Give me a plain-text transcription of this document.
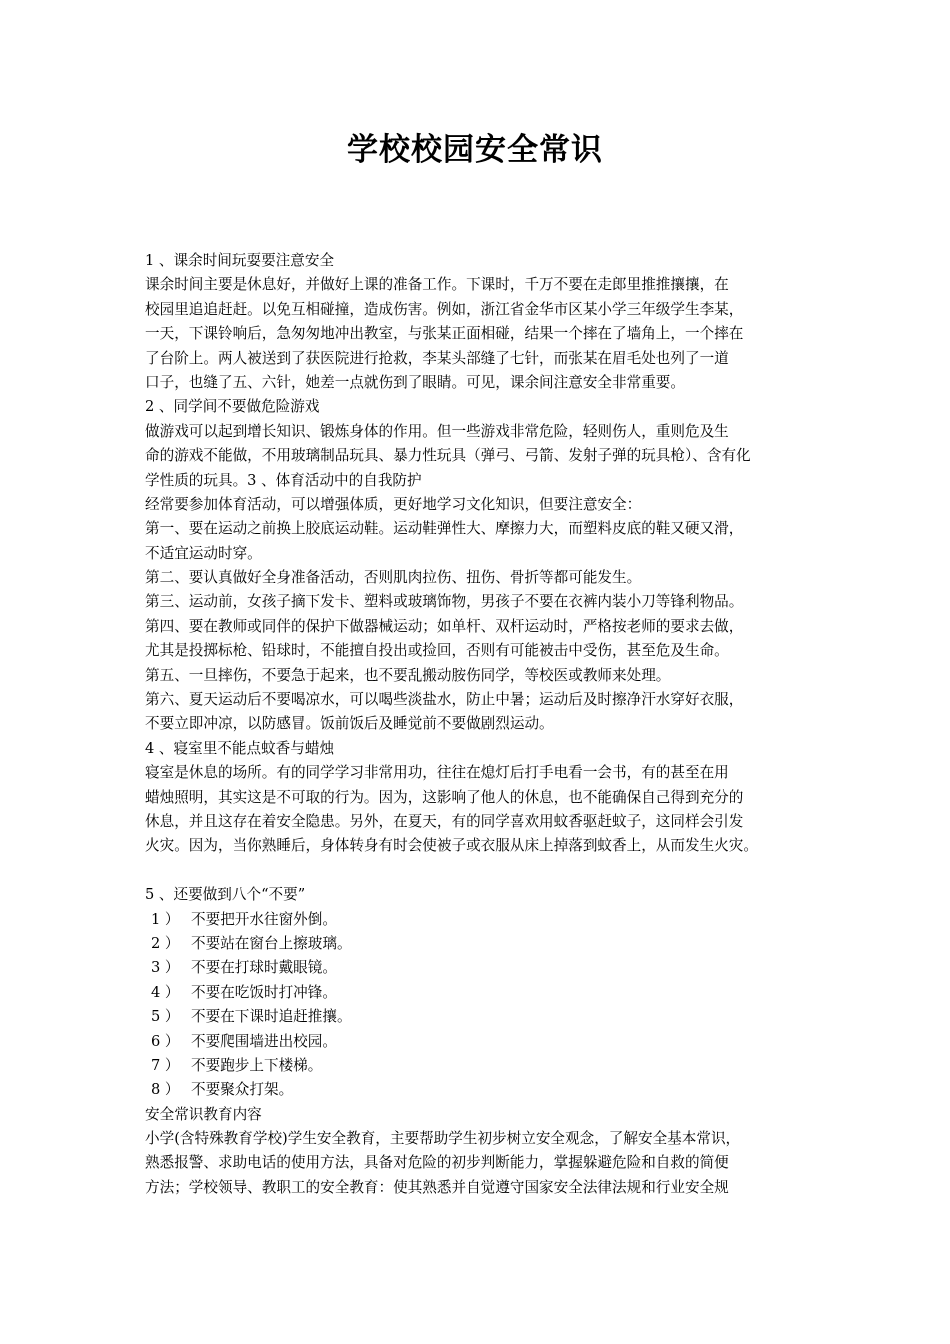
学校校园安全常识
1 、课余时间玩耍要注意安全
课余时间主要是休息好，并做好上课的准备工作。下课时，千万不要在走郎里推推攘攘，在
校园里追追赶赶。以免互相碰撞，造成伤害。例如，浙江省金华市区某小学三年级学生李某，
一天，下课铃响后，急匆匆地冲出教室，与张某正面相碰，结果一个摔在了墙角上，一个摔在
了台阶上。两人被送到了获医院进行抢救，李某头部缝了七针，而张某在眉毛处也列了一道
口子，也缝了五、六针，她差一点就伤到了眼睛。可见，课余间注意安全非常重要。
2 、同学间不要做危险游戏
做游戏可以起到增长知识、锻炼身体的作用。但一些游戏非常危险，轻则伤人，重则危及生
命的游戏不能做，不用玻璃制品玩具、暴力性玩具（弹弓、弓箭、发射子弹的玩具枪）、含有化
学性质的玩具。3 、体育活动中的自我防护
经常要参加体育活动，可以增强体质，更好地学习文化知识，但要注意安全：
第一、要在运动之前换上胶底运动鞋。运动鞋弹性大、摩擦力大，而塑料皮底的鞋又硬又滑，
不适宜运动时穿。
第二、要认真做好全身准备活动，否则肌肉拉伤、扭伤、骨折等都可能发生。
第三、运动前，女孩子摘下发卡、塑料或玻璃饰物，男孩子不要在衣裤内装小刀等锋利物品。
第四、要在教师或同伴的保护下做器械运动；如单杆、双杆运动时，严格按老师的要求去做，
尤其是投掷标枪、铅球时，不能擅自投出或捡回，否则有可能被击中受伤，甚至危及生命。
第五、一旦摔伤，不要急于起来，也不要乱搬动胺伤同学，等校医或教师来处理。
第六、夏天运动后不要喝凉水，可以喝些淡盐水，防止中暑；运动后及时擦净汗水穿好衣服，
不要立即冲凉，以防感冒。饭前饭后及睡觉前不要做剧烈运动。
4 、寝室里不能点蚊香与蜡烛
寝室是休息的场所。有的同学学习非常用功，往往在熄灯后打手电看一会书，有的甚至在用
蜡烛照明，其实这是不可取的行为。因为，这影响了他人的休息，也不能确保自己得到充分的
休息，并且这存在着安全隐患。另外，在夏天，有的同学喜欢用蚊香驱赶蚊子，这同样会引发
火灾。因为，当你熟睡后，身体转身有时会使被子或衣服从床上掉落到蚊香上，从而发生火灾。
5 、还要做到八个“不要”
1 ） 不要把开水往窗外倒。
2 ） 不要站在窗台上擦玻璃。
3 ） 不要在打球时戴眼镜。
4 ） 不要在吃饭时打冲锋。
5 ） 不要在下课时追赶推攘。
6 ） 不要爬围墙进出校园。
7 ） 不要跑步上下楼梯。
8 ） 不要聚众打架。
安全常识教育内容
小学(含特殊教育学校)学生安全教育，主要帮助学生初步树立安全观念，了解安全基本常识，
熟悉报警、求助电话的使用方法，具备对危险的初步判断能力，掌握躲避危险和自救的简便
方法；学校领导、教职工的安全教育：使其熟悉并自觉遵守国家安全法律法规和行业安全规
